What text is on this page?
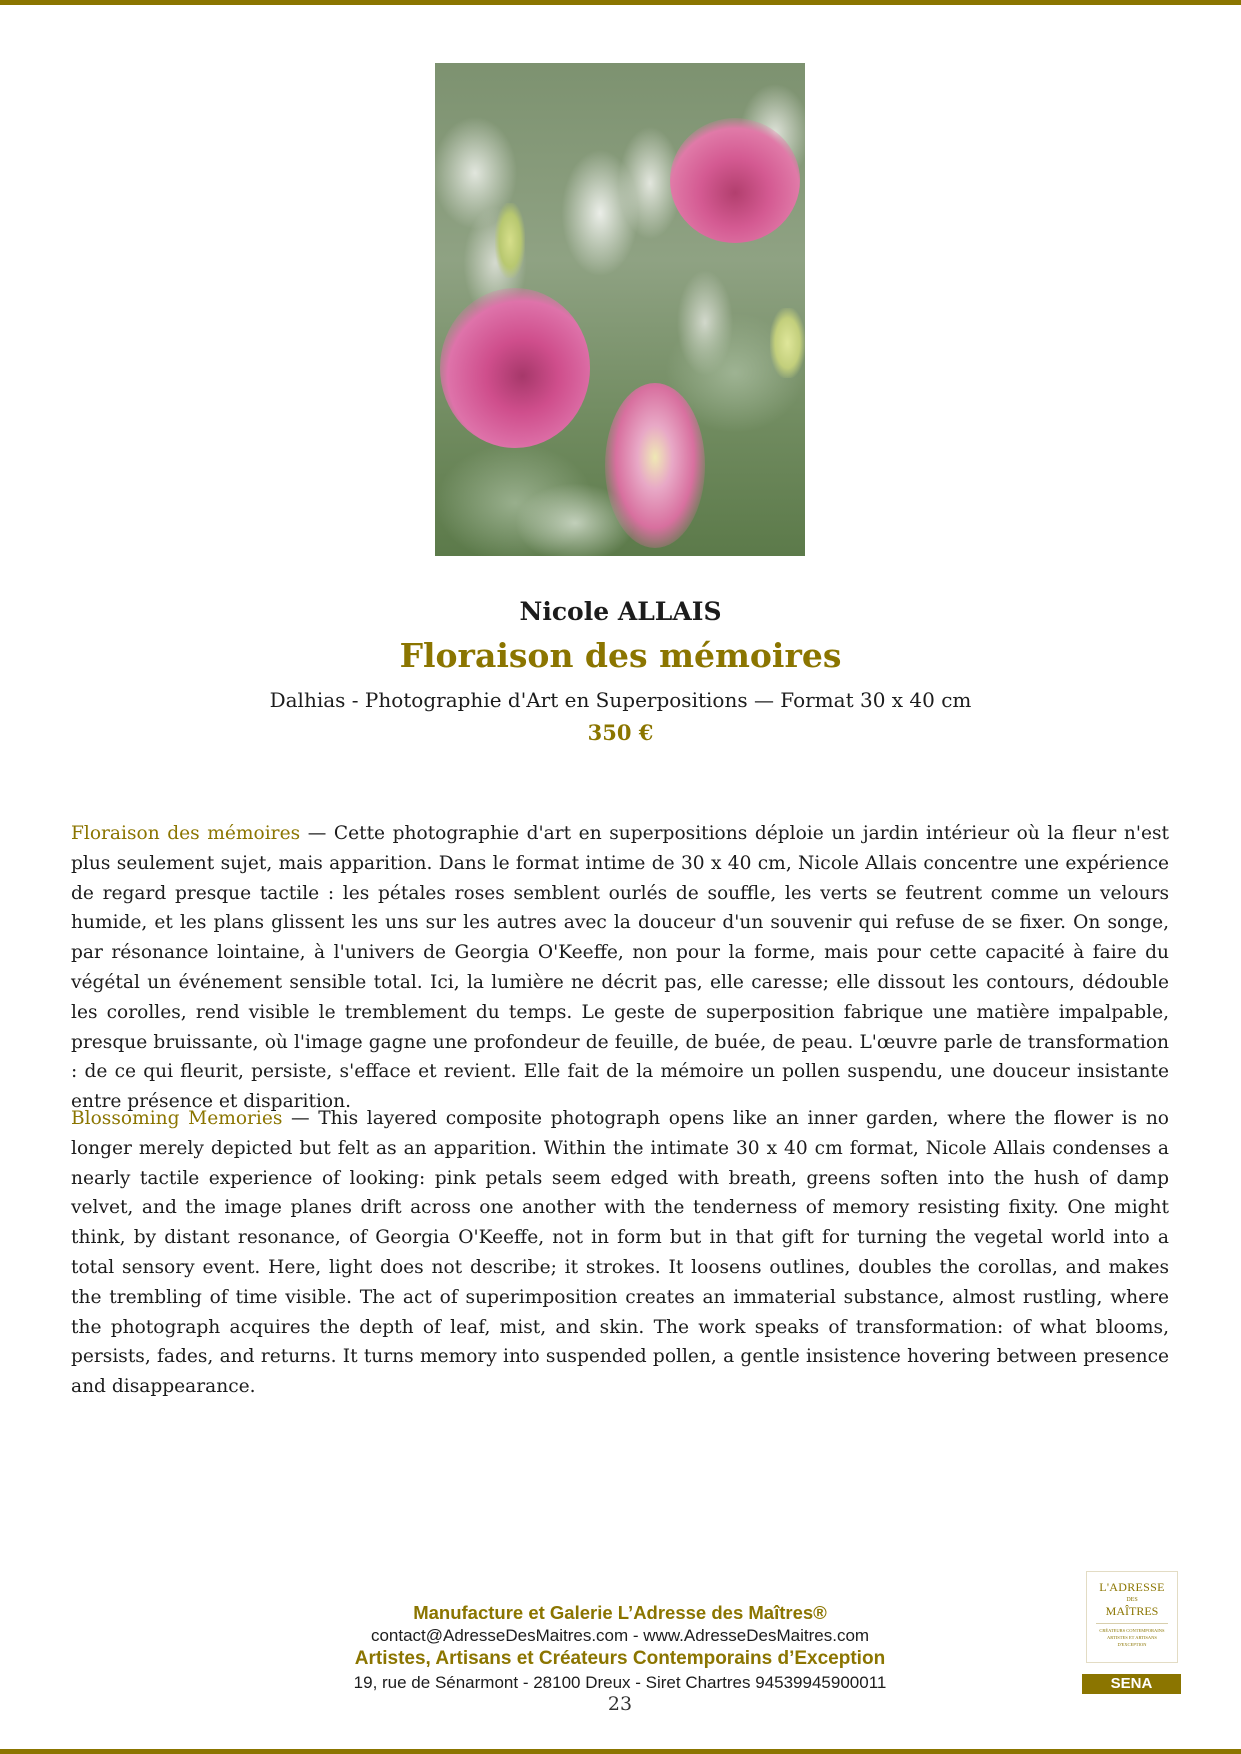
Nicole ALLAIS
Floraison des mémoires
Dalhias - Photographie d'Art en Superpositions — Format 30 x 40 cm
350 €

Floraison des mémoires — Cette photographie d'art en superpositions déploie un jardin intérieur où la fleur n'est plus seulement sujet, mais apparition. Dans le format intime de 30 x 40 cm, Nicole Allais concentre une expérience de regard presque tactile : les pétales roses semblent ourlés de souffle, les verts se feutrent comme un velours humide, et les plans glissent les uns sur les autres avec la douceur d'un souvenir qui refuse de se fixer. On songe, par résonance lointaine, à l'univers de Georgia O'Keeffe, non pour la forme, mais pour cette capacité à faire du végétal un événement sensible total. Ici, la lumière ne décrit pas, elle caresse; elle dissout les contours, dédouble les corolles, rend visible le tremblement du temps. Le geste de superposition fabrique une matière impalpable, presque bruissante, où l'image gagne une profondeur de feuille, de buée, de peau. L'œuvre parle de transformation : de ce qui fleurit, persiste, s'efface et revient. Elle fait de la mémoire un pollen suspendu, une douceur insistante entre présence et disparition.

Blossoming Memories — This layered composite photograph opens like an inner garden, where the flower is no longer merely depicted but felt as an apparition. Within the intimate 30 x 40 cm format, Nicole Allais condenses a nearly tactile experience of looking: pink petals seem edged with breath, greens soften into the hush of damp velvet, and the image planes drift across one another with the tenderness of memory resisting fixity. One might think, by distant resonance, of Georgia O'Keeffe, not in form but in that gift for turning the vegetal world into a total sensory event. Here, light does not describe; it strokes. It loosens outlines, doubles the corollas, and makes the trembling of time visible. The act of superimposition creates an immaterial substance, almost rustling, where the photograph acquires the depth of leaf, mist, and skin. The work speaks of transformation: of what blooms, persists, fades, and returns. It turns memory into suspended pollen, a gentle insistence hovering between presence and disappearance.

Manufacture et Galerie L’Adresse des Maîtres®
contact@AdresseDesMaitres.com - www.AdresseDesMaitres.com
Artistes, Artisans et Créateurs Contemporains d’Exception
19, rue de Sénarmont - 28100 Dreux - Siret Chartres 94539945900011
23
L'ADRESSE
DES
MAÎTRES
CRÉATEURS CONTEMPORAINS
ARTISTES ET ARTISANS
D'EXCEPTION
SENA
